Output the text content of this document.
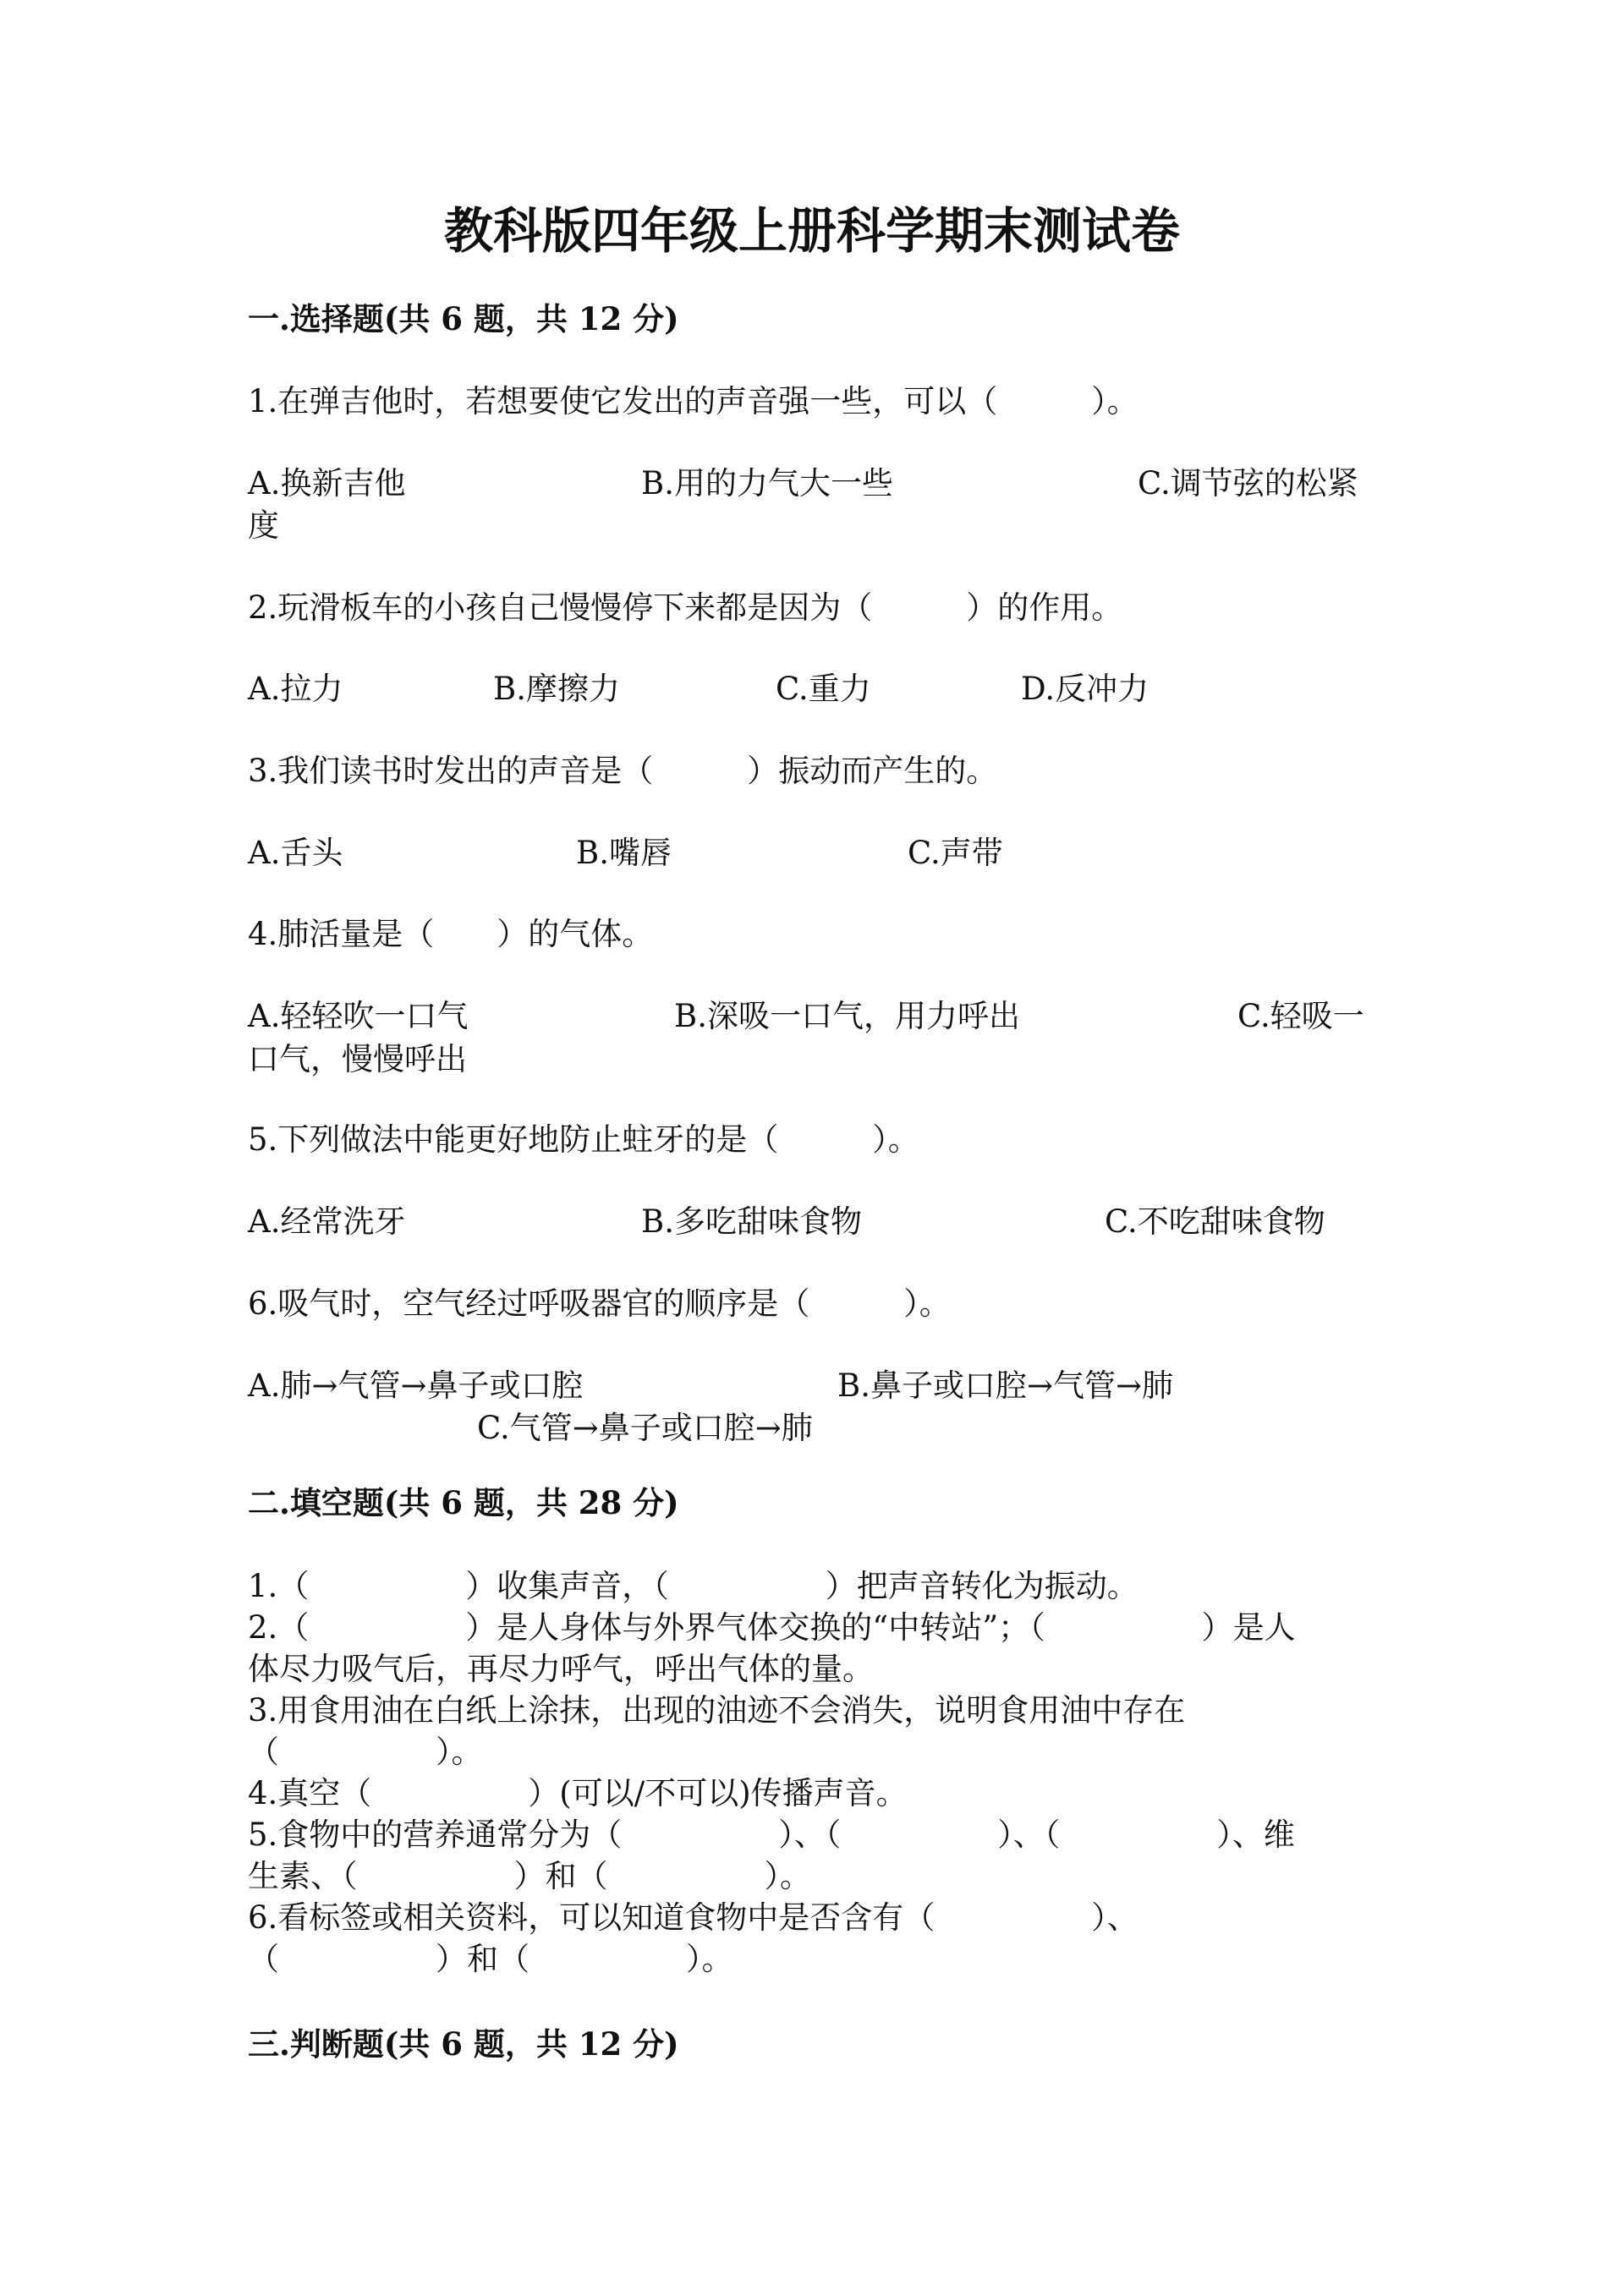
教科版四年级上册科学期末测试卷
一.选择题(共 6 题，共 12 分)
1.在弹吉他时，若想要使它发出的声音强一些，可以（　　　）。
A.换新吉他	B.用的力气大一些	C.调节弦的松紧
度
2.玩滑板车的小孩自己慢慢停下来都是因为（　　　）的作用。
A.拉力	B.摩擦力	C.重力	D.反冲力
3.我们读书时发出的声音是（　　　）振动而产生的。
A.舌头	B.嘴唇	C.声带
4.肺活量是（　　）的气体。
A.轻轻吹一口气	B.深吸一口气，用力呼出	C.轻吸一
口气，慢慢呼出
5.下列做法中能更好地防止蛀牙的是（　　　）。
A.经常洗牙	B.多吃甜味食物	C.不吃甜味食物
6.吸气时，空气经过呼吸器官的顺序是（　　　）。
A.肺→气管→鼻子或口腔	B.鼻子或口腔→气管→肺
C.气管→鼻子或口腔→肺
二.填空题(共 6 题，共 28 分)
1.（　　　　　）收集声音，（　　　　　）把声音转化为振动。
2.（　　　　　）是人身体与外界气体交换的“中转站”；（　　　　　）是人
体尽力吸气后，再尽力呼气，呼出气体的量。
3.用食用油在白纸上涂抹，出现的油迹不会消失，说明食用油中存在
（　　　　　）。
4.真空（　　　　　）(可以/不可以)传播声音。
5.食物中的营养通常分为（　　　　　）、（　　　　　）、（　　　　　）、维
生素、（　　　　　）和（　　　　　）。
6.看标签或相关资料，可以知道食物中是否含有（　　　　　）、
（　　　　　）和（　　　　　）。
三.判断题(共 6 题，共 12 分)
